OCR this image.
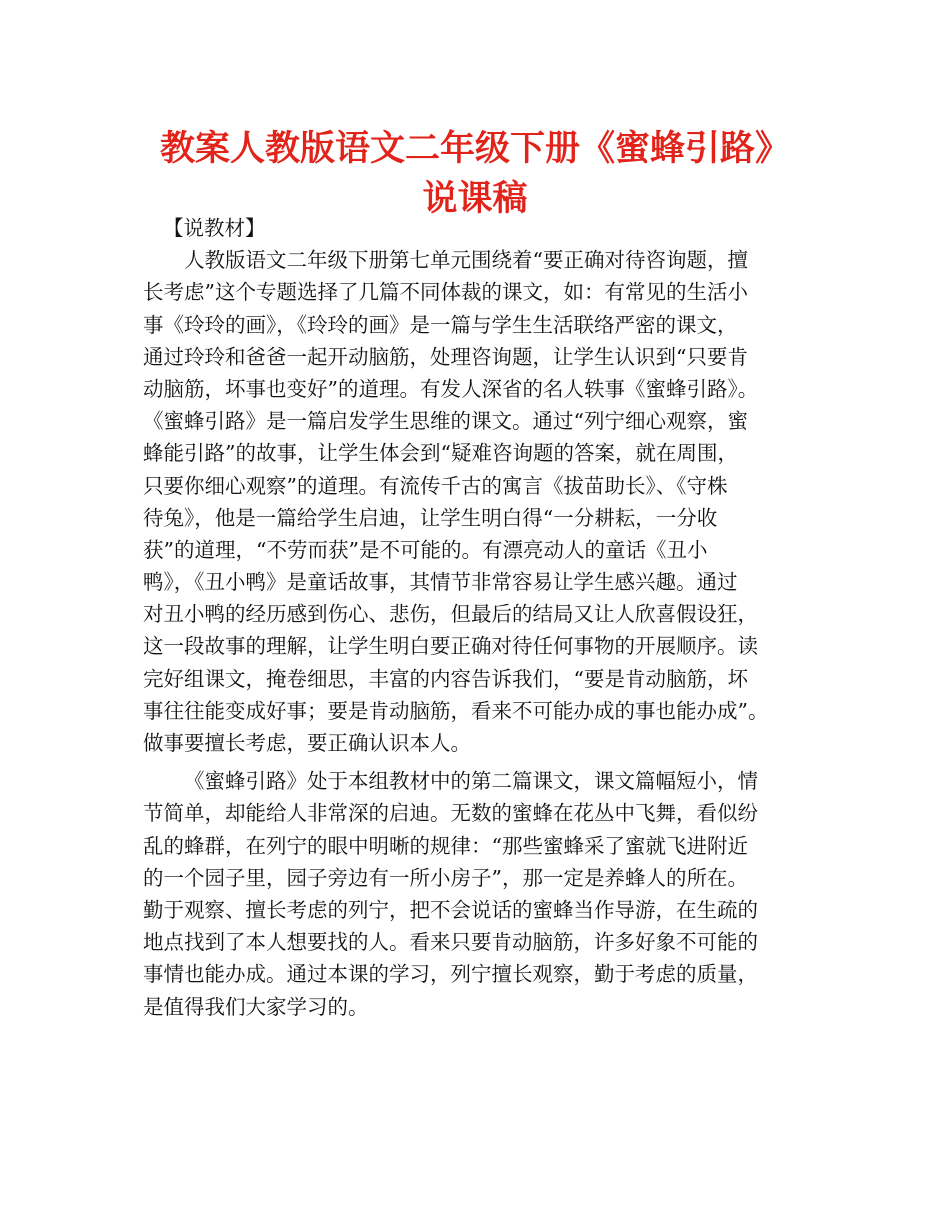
教案人教版语文二年级下册《蜜蜂引路》
说课稿
【说教材】
人教版语文二年级下册第七单元围绕着“要正确对待咨询题，擅
长考虑”这个专题选择了几篇不同体裁的课文，如：有常见的生活小
事《玲玲的画》，《玲玲的画》是一篇与学生生活联络严密的课文，
通过玲玲和爸爸一起开动脑筋，处理咨询题，让学生认识到“只要肯
动脑筋，坏事也变好”的道理。有发人深省的名人轶事《蜜蜂引路》。
《蜜蜂引路》是一篇启发学生思维的课文。通过“列宁细心观察，蜜
蜂能引路”的故事，让学生体会到“疑难咨询题的答案，就在周围，
只要你细心观察”的道理。有流传千古的寓言《拔苗助长》、《守株
待兔》，他是一篇给学生启迪，让学生明白得“一分耕耘，一分收
获”的道理，“不劳而获”是不可能的。有漂亮动人的童话《丑小
鸭》，《丑小鸭》是童话故事，其情节非常容易让学生感兴趣。通过
对丑小鸭的经历感到伤心、悲伤，但最后的结局又让人欣喜假设狂，
这一段故事的理解，让学生明白要正确对待任何事物的开展顺序。读
完好组课文，掩卷细思，丰富的内容告诉我们，“要是肯动脑筋，坏
事往往能变成好事；要是肯动脑筋，看来不可能办成的事也能办成”。
做事要擅长考虑，要正确认识本人。
《蜜蜂引路》处于本组教材中的第二篇课文，课文篇幅短小，情
节简单，却能给人非常深的启迪。无数的蜜蜂在花丛中飞舞，看似纷
乱的蜂群，在列宁的眼中明晰的规律：“那些蜜蜂采了蜜就飞进附近
的一个园子里，园子旁边有一所小房子”，那一定是养蜂人的所在。
勤于观察、擅长考虑的列宁，把不会说话的蜜蜂当作导游，在生疏的
地点找到了本人想要找的人。看来只要肯动脑筋，许多好象不可能的
事情也能办成。通过本课的学习，列宁擅长观察，勤于考虑的质量，
是值得我们大家学习的。
